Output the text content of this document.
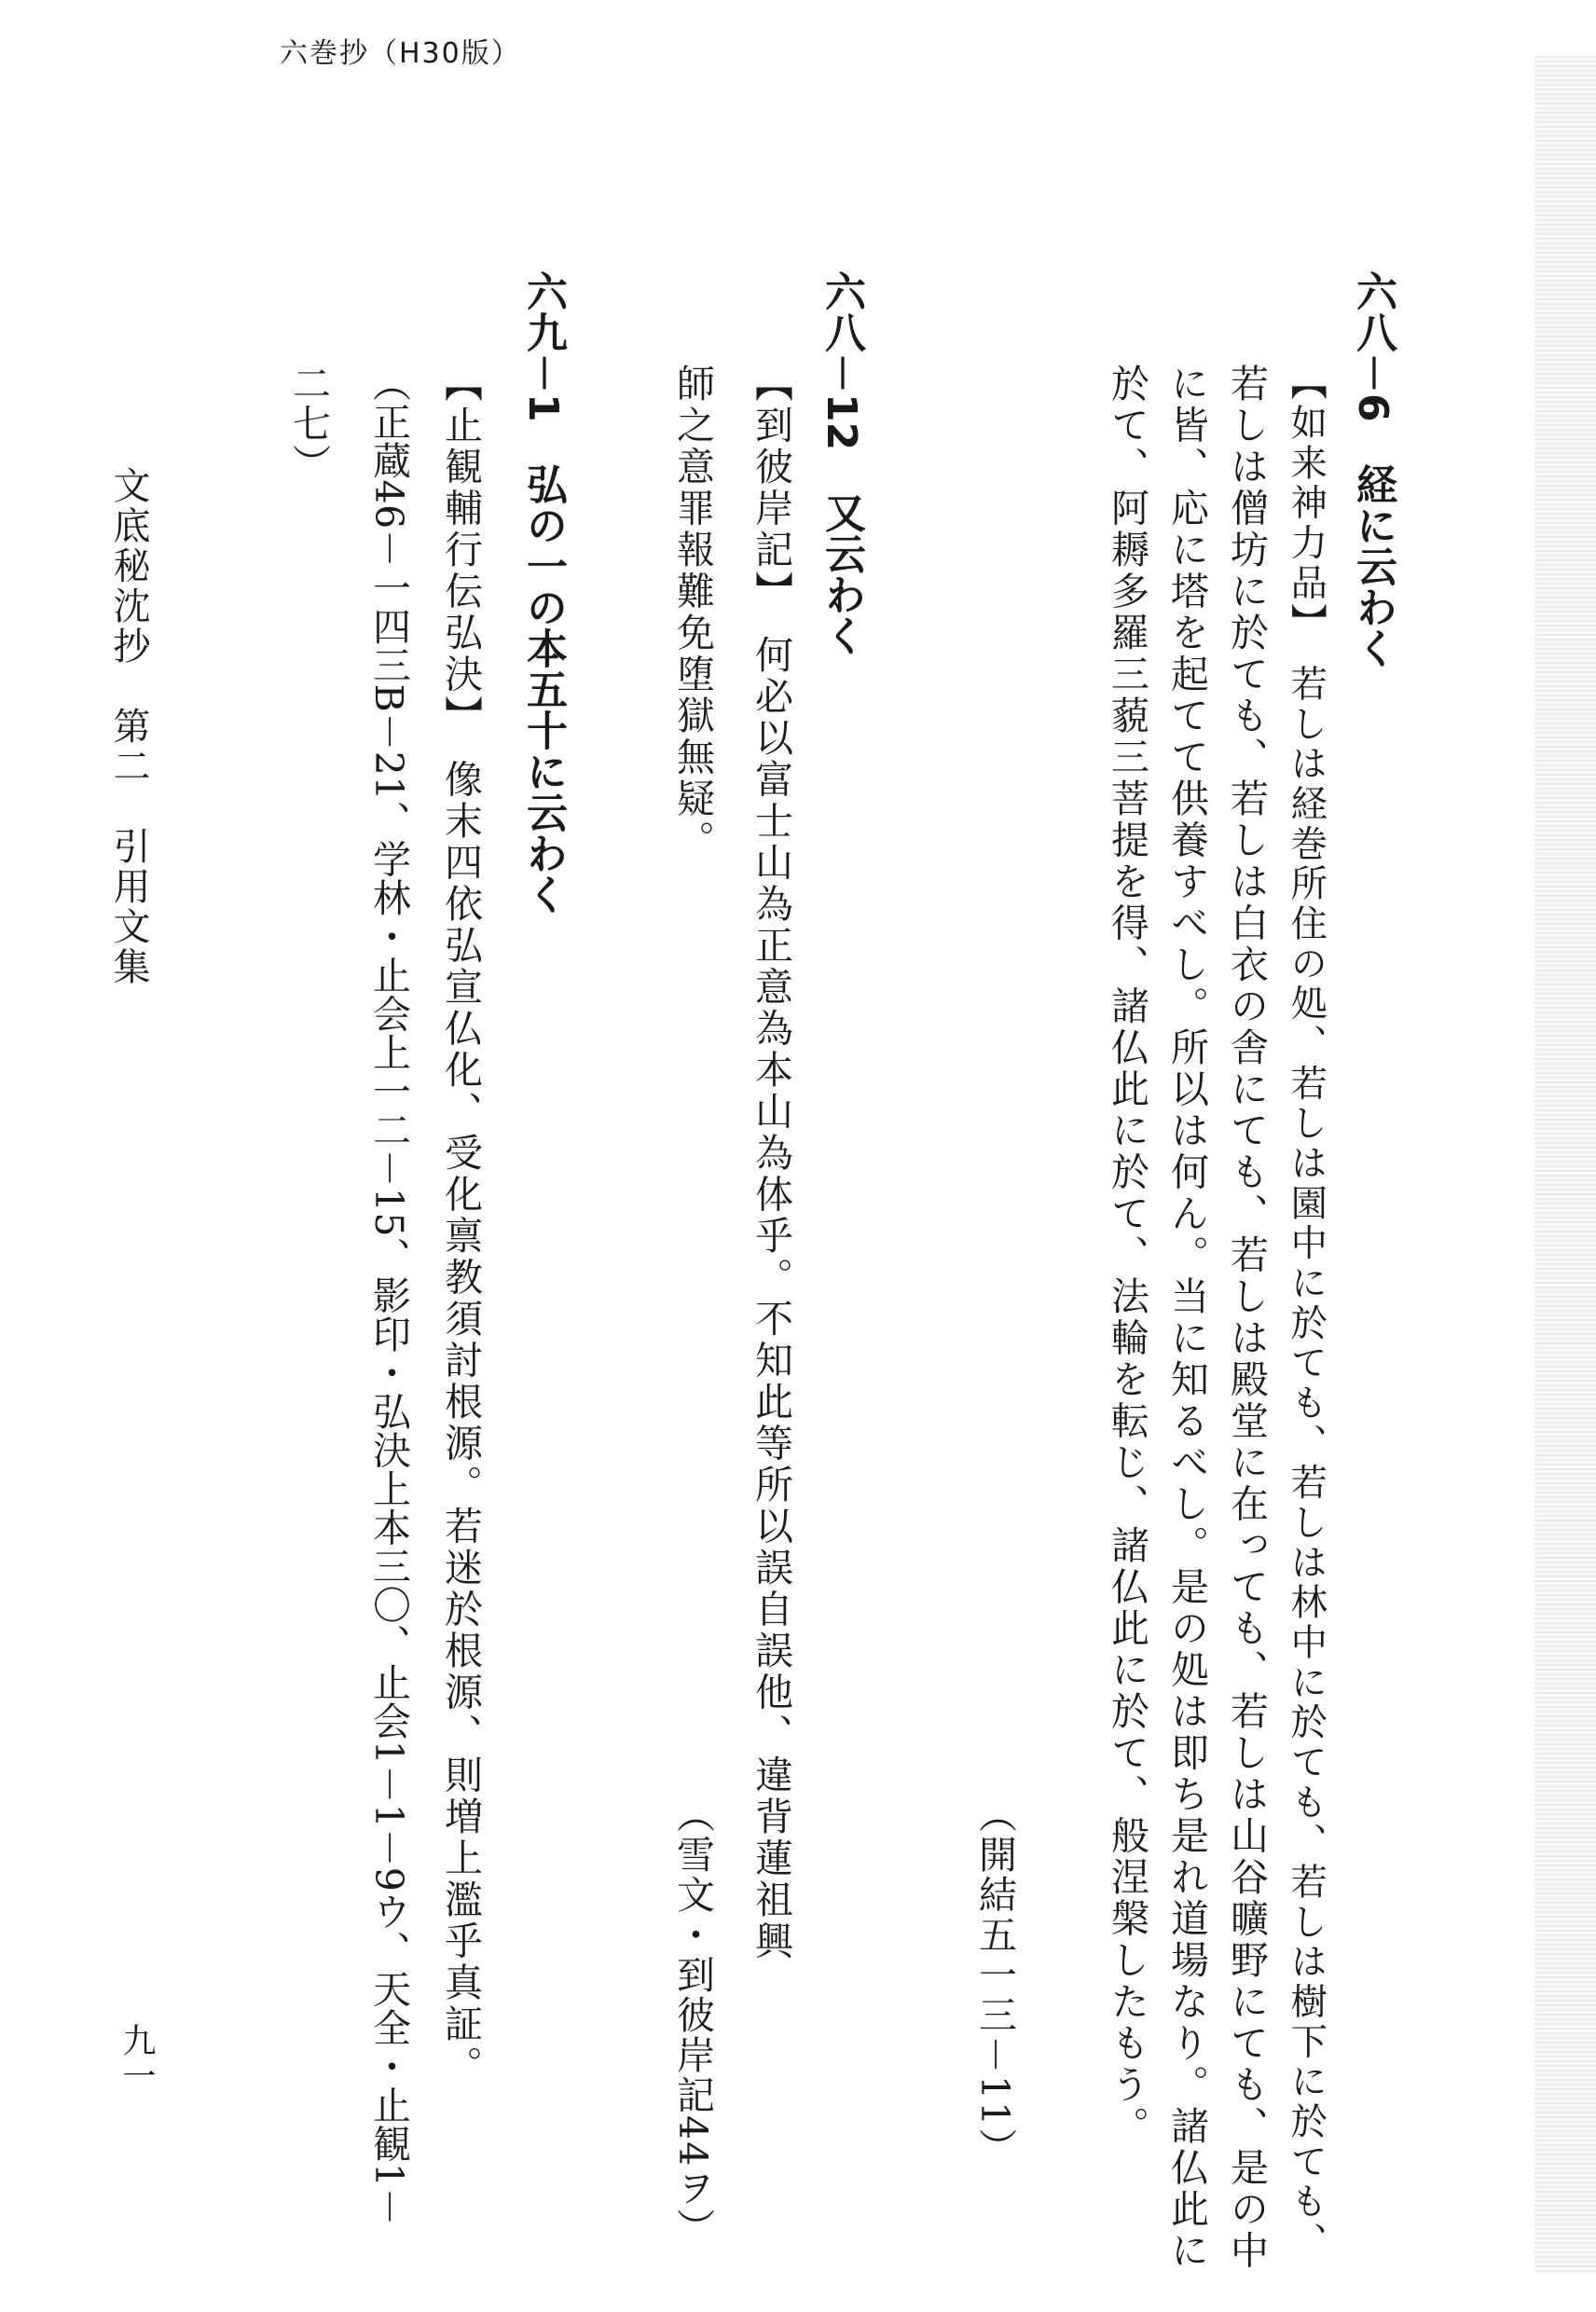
六巻抄（H30版）
六八－6　経に云わく
【如来神力品】　若しは経巻所住の処、若しは園中に於ても、若しは林中に於ても、若しは樹下に於ても、
若しは僧坊に於ても、若しは白衣の舎にても、若しは殿堂に在っても、若しは山谷曠野にても、是の中
に皆、応に塔を起てて供養すべし。所以は何ん。当に知るべし。是の処は即ち是れ道場なり。諸仏此に
於て、阿耨多羅三藐三菩提を得、諸仏此に於て、法輪を転じ、諸仏此に於て、般涅槃したもう。
（開結五一三－11）
六八－12　又云わく
【到彼岸記】　何必以富士山為正意為本山為体乎。不知此等所以誤自誤他、違背蓮祖興
師之意罪報難免堕獄無疑。
（雪文・到彼岸記44ヲ）
六九－1　弘の一の本五十に云わく
【止観輔行伝弘決】　像末四依弘宣仏化、受化禀教須討根源。若迷於根源、則増上濫乎真証。
（正蔵46－一四三B－21、学林・止会上一二－15、影印・弘決上本三〇、止会1－1－9ウ、天全・止観1－
二七）
文底秘沈抄　第二　引用文集
九一
